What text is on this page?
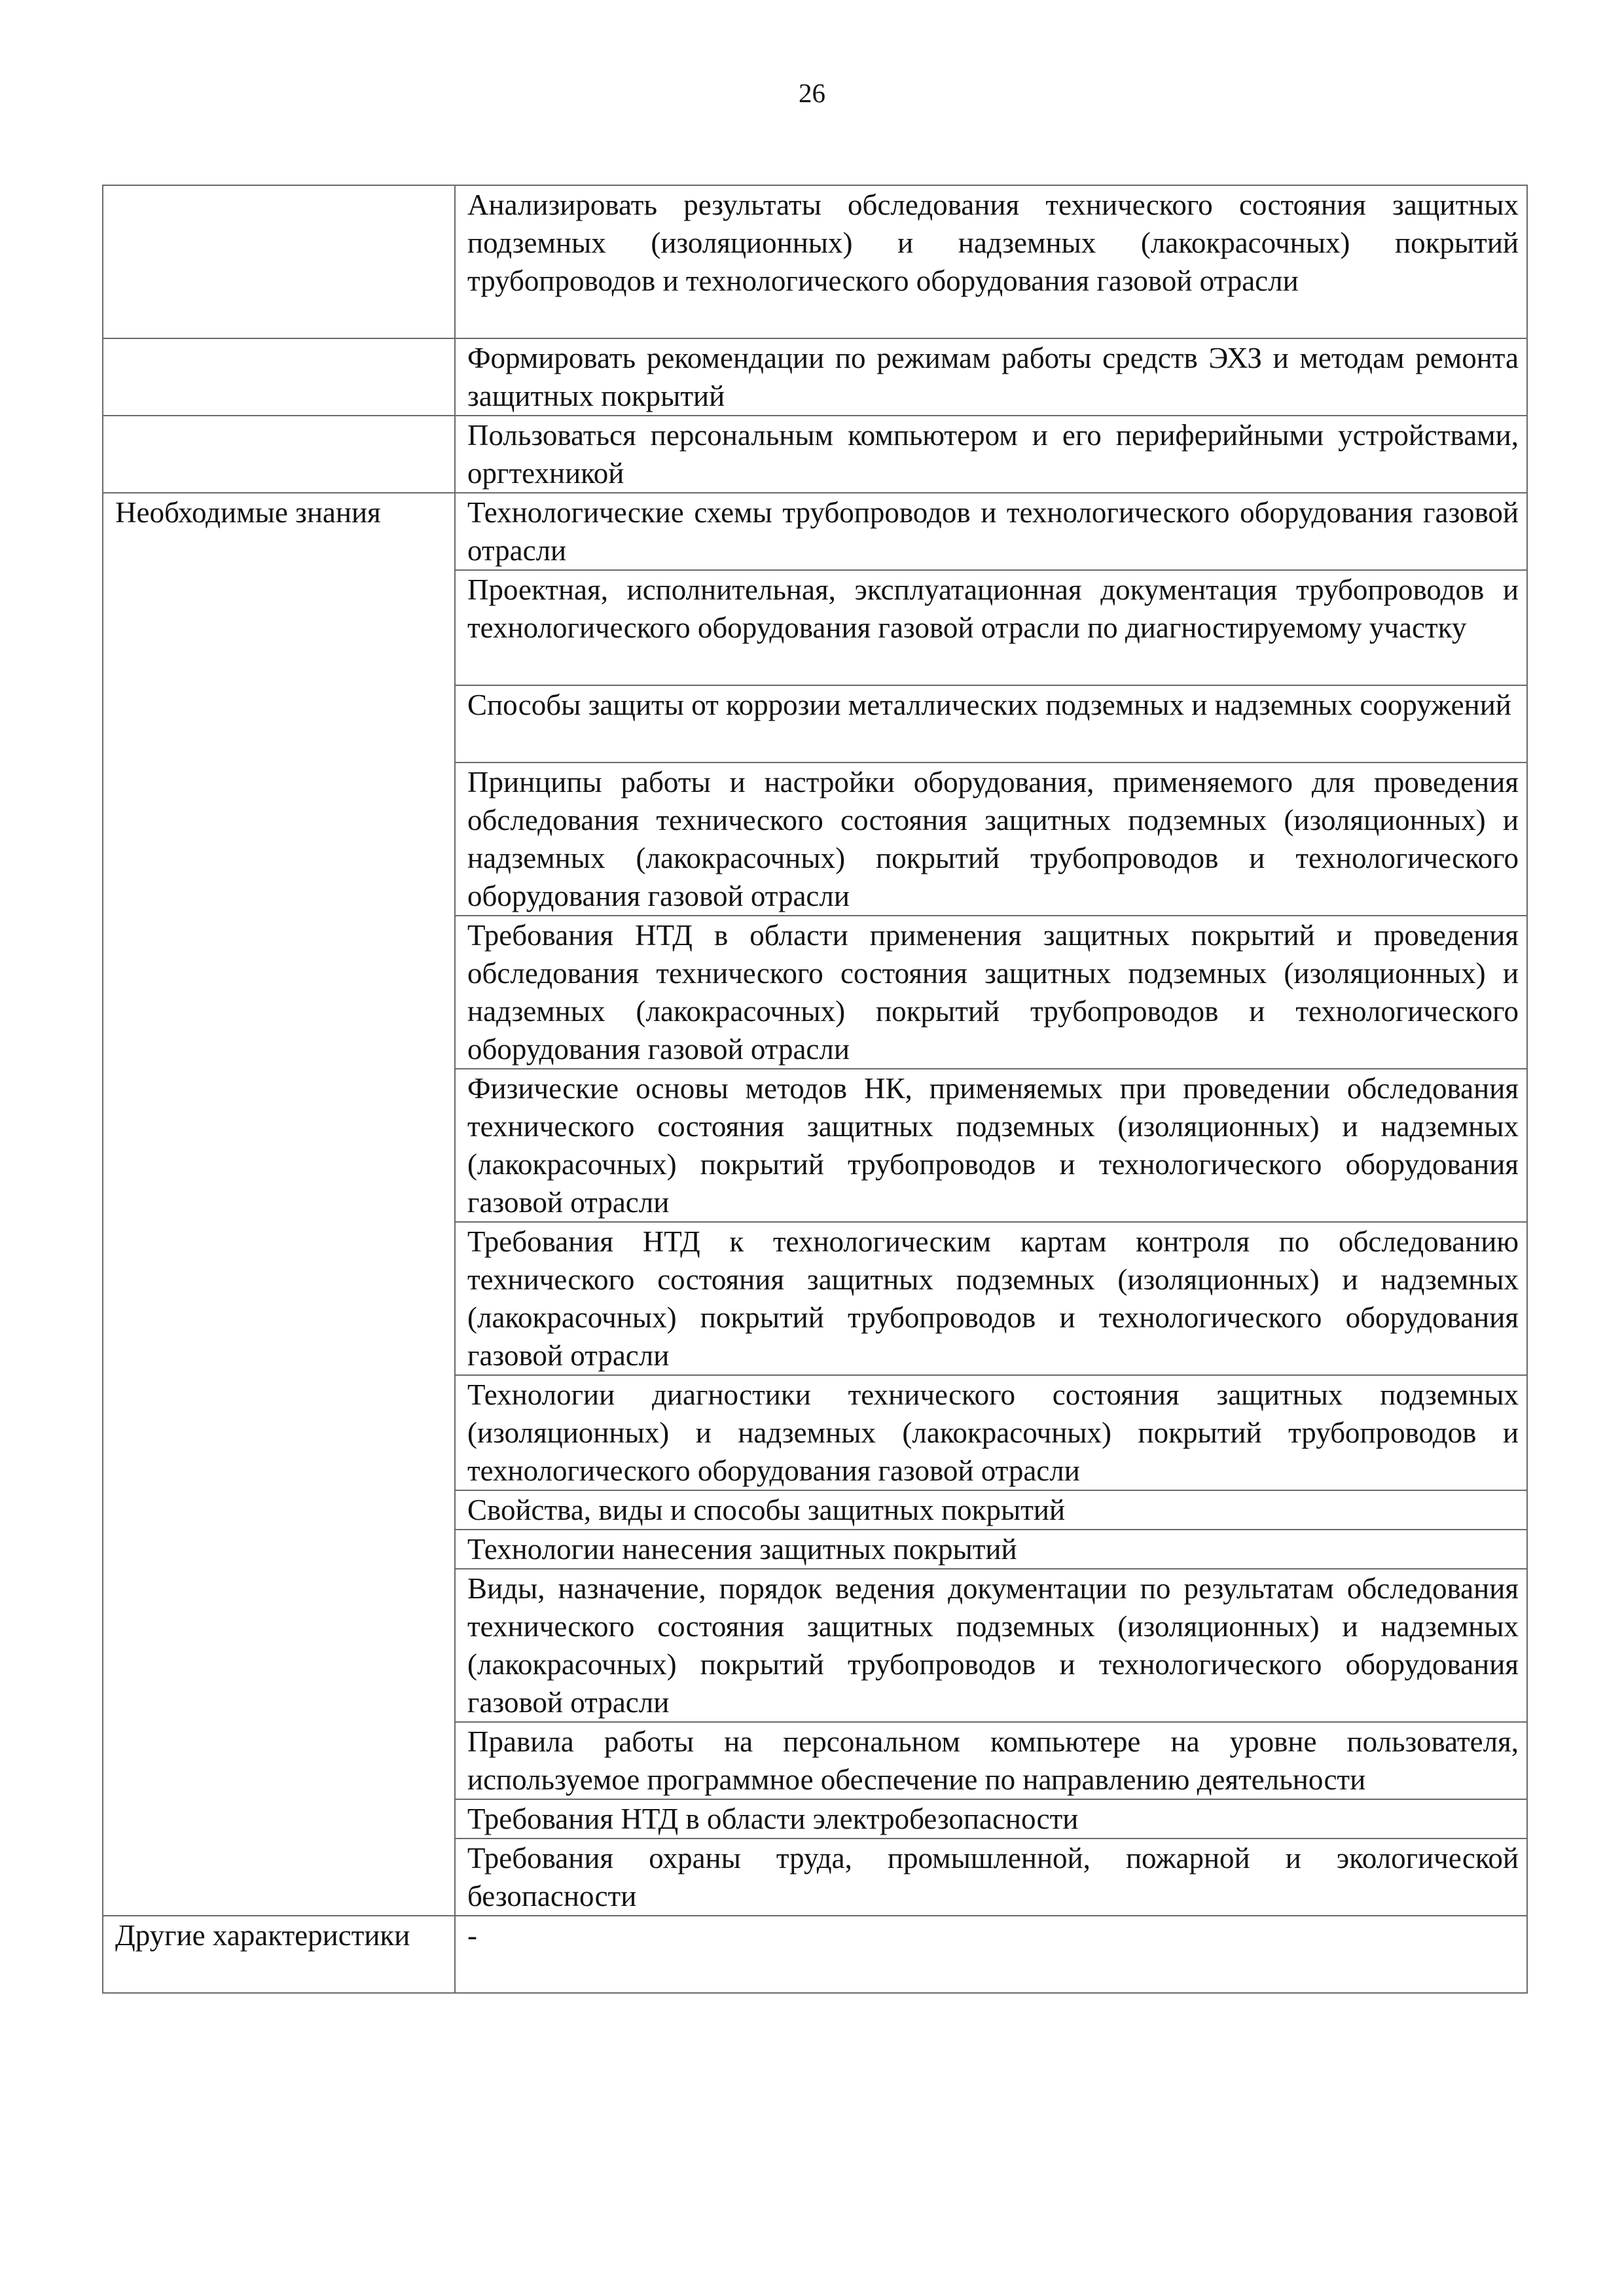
26
	Анализировать результаты обследования технического состояния защитных подземных (изоляционных) и надземных (лакокрасочных) покрытий трубопроводов и технологического оборудования газовой отрасли
	Формировать рекомендации по режимам работы средств ЭХЗ и методам ремонта защитных покрытий
	Пользоваться персональным компьютером и его периферийными устройствами, оргтехникой
Необходимые знания	Технологические схемы трубопроводов и технологического оборудования газовой отрасли
	Проектная, исполнительная, эксплуатационная документация трубопроводов и технологического оборудования газовой отрасли по диагностируемому участку
	Способы защиты от коррозии металлических подземных и надземных сооружений
	Принципы работы и настройки оборудования, применяемого для проведения обследования технического состояния защитных подземных (изоляционных) и надземных (лакокрасочных) покрытий трубопроводов и технологического оборудования газовой отрасли
	Требования НТД в области применения защитных покрытий и проведения обследования технического состояния защитных подземных (изоляционных) и надземных (лакокрасочных) покрытий трубопроводов и технологического оборудования газовой отрасли
	Физические основы методов НК, применяемых при проведении обследования технического состояния защитных подземных (изоляционных) и надземных (лакокрасочных) покрытий трубопроводов и технологического оборудования газовой отрасли
	Требования НТД к технологическим картам контроля по обследованию технического состояния защитных подземных (изоляционных) и надземных (лакокрасочных) покрытий трубопроводов и технологического оборудования газовой отрасли
	Технологии диагностики технического состояния защитных подземных (изоляционных) и надземных (лакокрасочных) покрытий трубопроводов и технологического оборудования газовой отрасли
	Свойства, виды и способы защитных покрытий
	Технологии нанесения защитных покрытий
	Виды, назначение, порядок ведения документации по результатам обследования технического состояния защитных подземных (изоляционных) и надземных (лакокрасочных) покрытий трубопроводов и технологического оборудования газовой отрасли
	Правила работы на персональном компьютере на уровне пользователя, используемое программное обеспечение по направлению деятельности
	Требования НТД в области электробезопасности
	Требования охраны труда, промышленной, пожарной и экологической безопасности
Другие характеристики	-
